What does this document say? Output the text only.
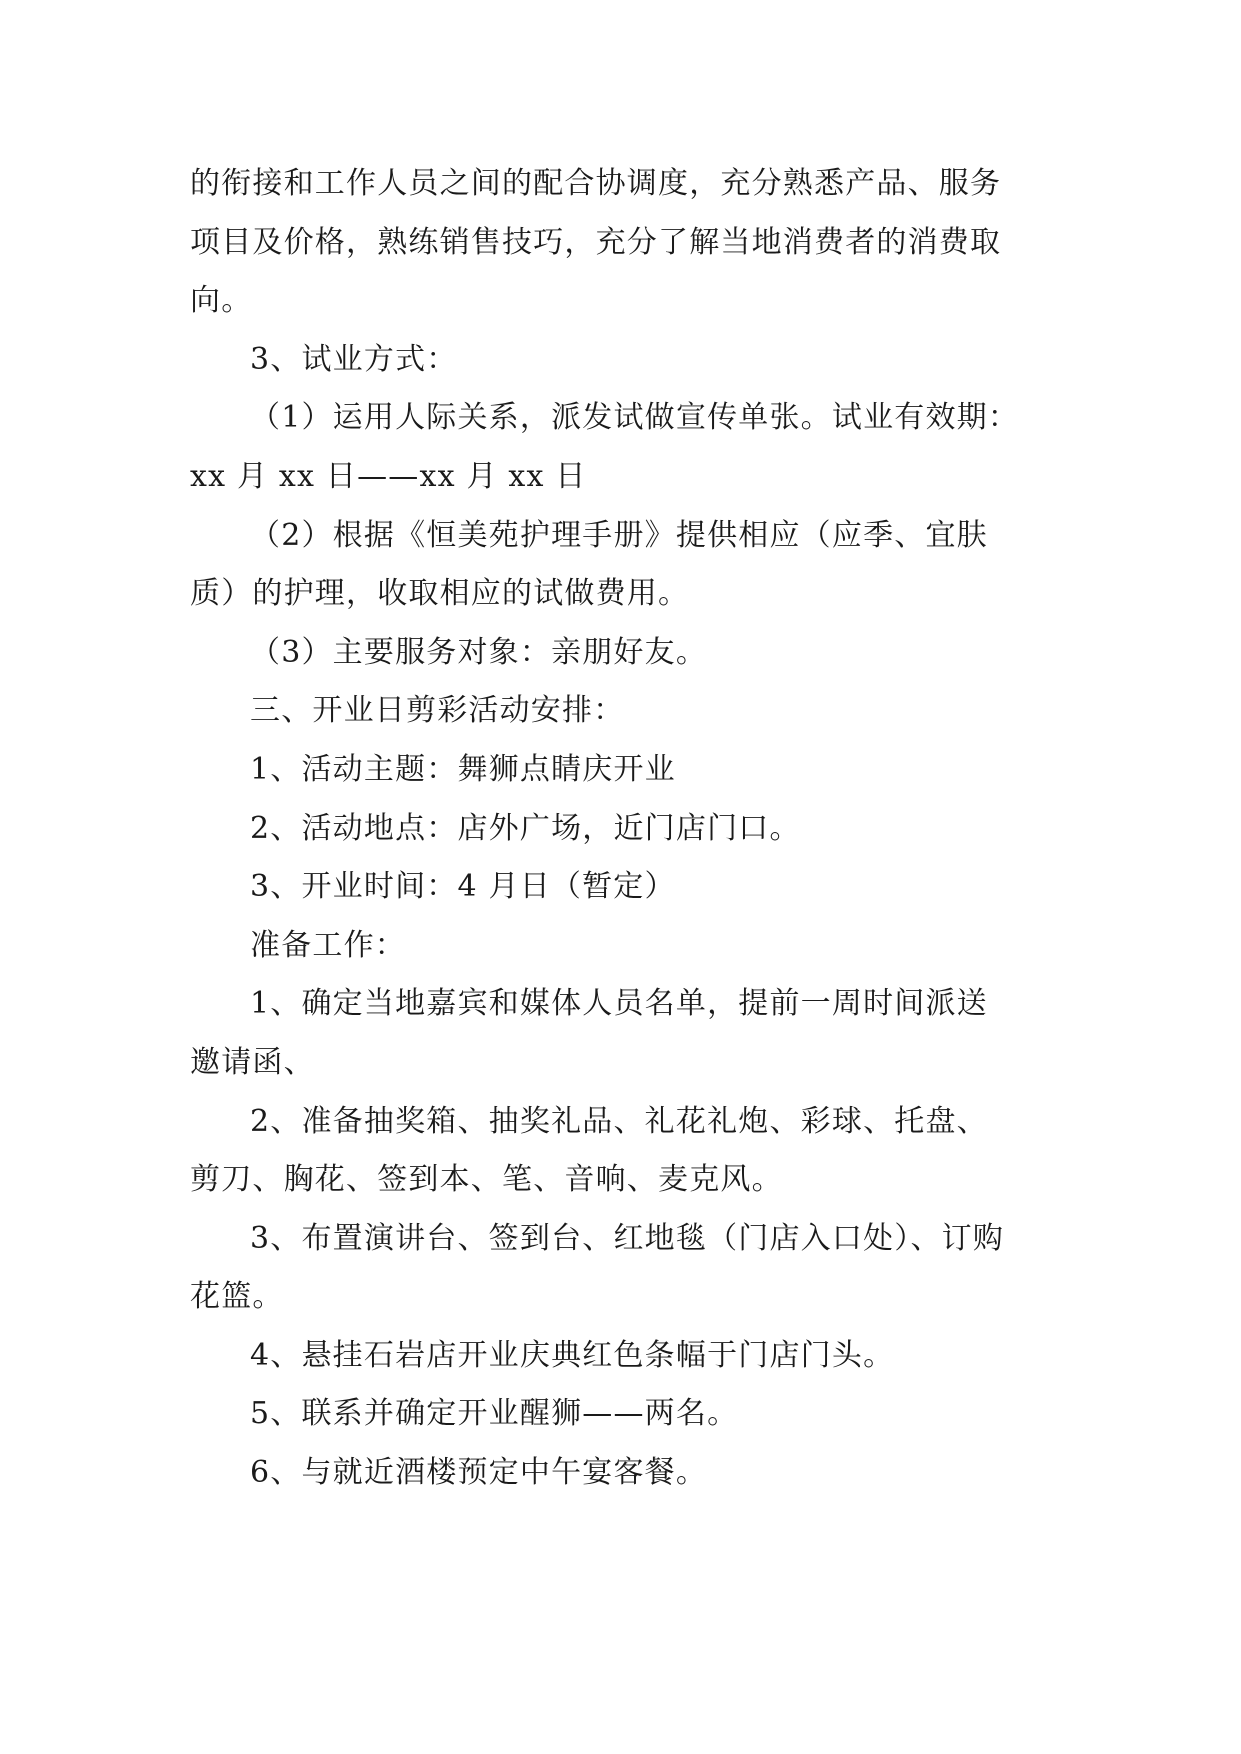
的衔接和工作人员之间的配合协调度，充分熟悉产品、服务
项目及价格，熟练销售技巧，充分了解当地消费者的消费取
向。

3、试业方式：

（1）运用人际关系，派发试做宣传单张。试业有效期：
xx 月 xx 日——xx 月 xx 日

（2）根据《恒美苑护理手册》提供相应（应季、宜肤
质）的护理，收取相应的试做费用。

（3）主要服务对象：亲朋好友。

三、开业日剪彩活动安排：

1、活动主题：舞狮点睛庆开业

2、活动地点：店外广场，近门店门口。

3、开业时间：4 月日（暂定）

准备工作：

1、确定当地嘉宾和媒体人员名单，提前一周时间派送
邀请函、

2、准备抽奖箱、抽奖礼品、礼花礼炮、彩球、托盘、
剪刀、胸花、签到本、笔、音响、麦克风。

3、布置演讲台、签到台、红地毯（门店入口处）、订购
花篮。

4、悬挂石岩店开业庆典红色条幅于门店门头。

5、联系并确定开业醒狮——两名。

6、与就近酒楼预定中午宴客餐。
